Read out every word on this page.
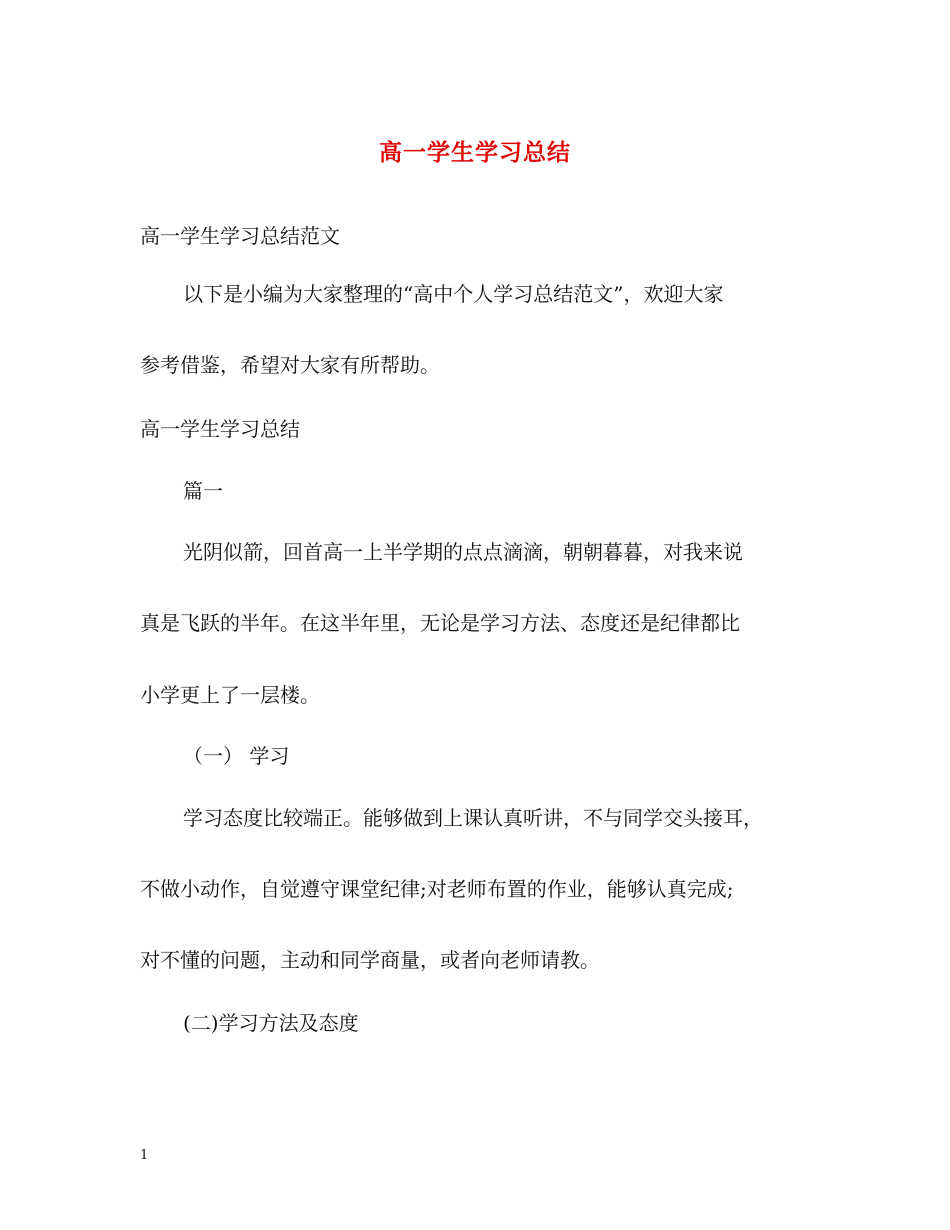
高一学生学习总结
高一学生学习总结范文
以下是小编为大家整理的“高中个人学习总结范文”，欢迎大家
参考借鉴，希望对大家有所帮助。
高一学生学习总结
篇一
光阴似箭，回首高一上半学期的点点滴滴，朝朝暮暮，对我来说
真是飞跃的半年。在这半年里，无论是学习方法、态度还是纪律都比
小学更上了一层楼。
（一） 学习
学习态度比较端正。能够做到上课认真听讲，不与同学交头接耳，
不做小动作，自觉遵守课堂纪律;对老师布置的作业，能够认真完成;
对不懂的问题，主动和同学商量，或者向老师请教。
(二)学习方法及态度
1
